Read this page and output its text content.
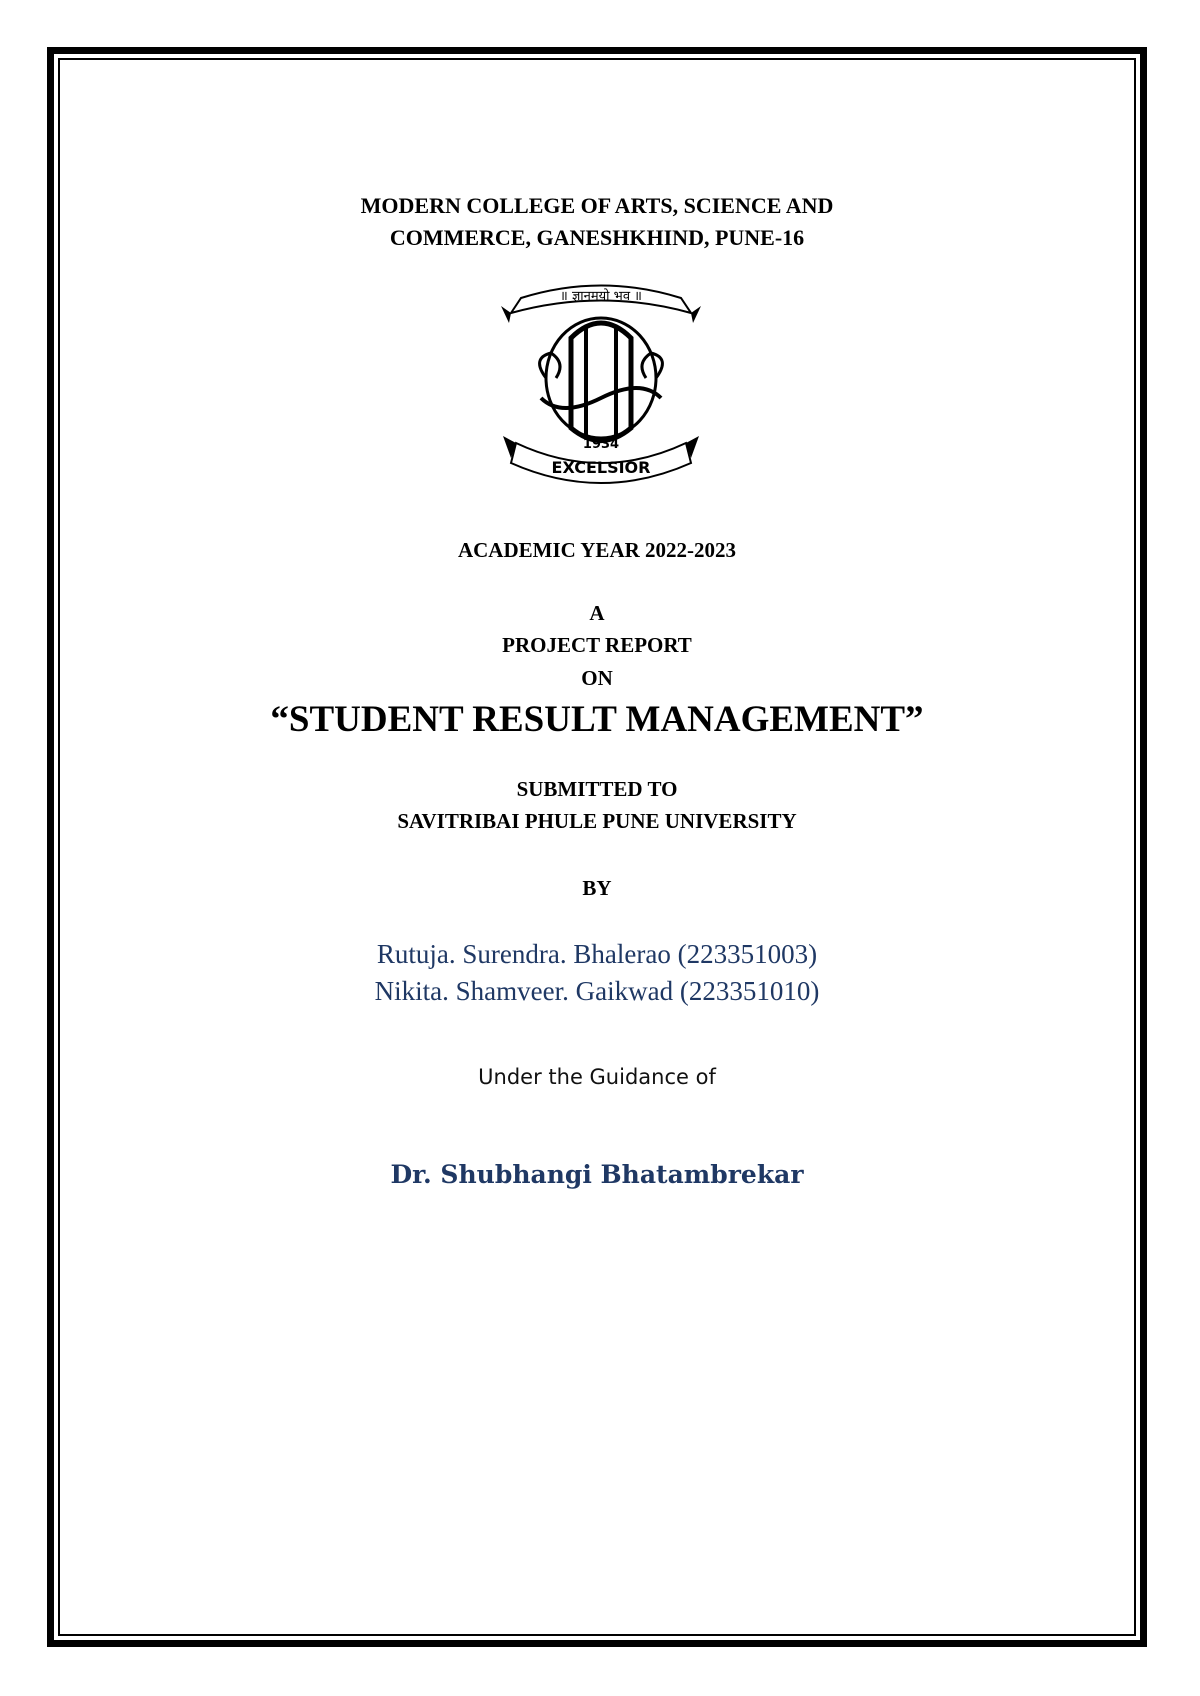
MODERN COLLEGE OF ARTS, SCIENCE AND
COMMERCE, GANESHKHIND, PUNE-16
॥ ज्ञानमयो भव ॥
1934
EXCELSIOR
ACADEMIC YEAR 2022-2023
A
PROJECT REPORT
ON
“STUDENT RESULT MANAGEMENT”
SUBMITTED TO
SAVITRIBAI PHULE PUNE UNIVERSITY
BY
Rutuja. Surendra. Bhalerao (223351003)
Nikita. Shamveer. Gaikwad (223351010)
Under the Guidance of
Dr. Shubhangi Bhatambrekar
